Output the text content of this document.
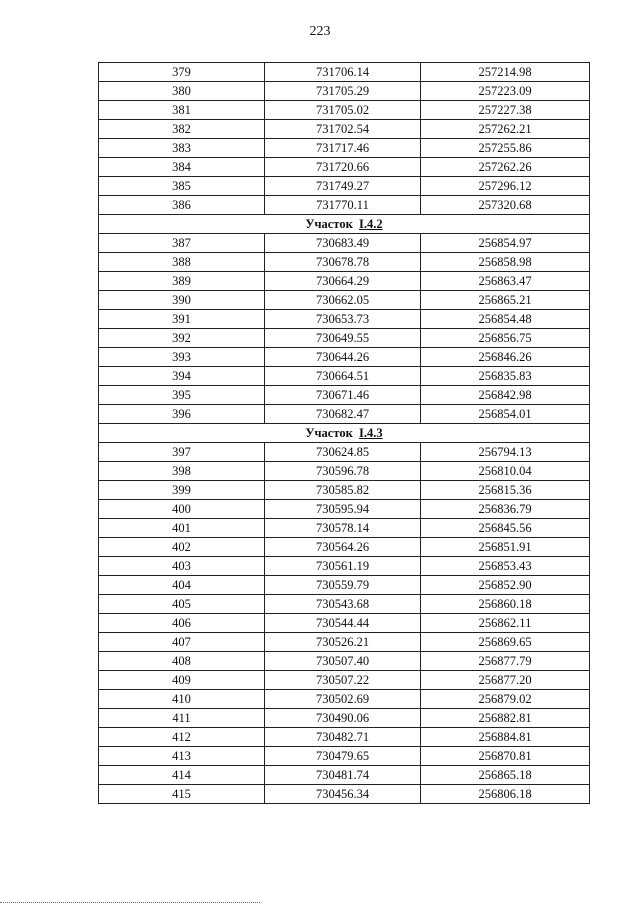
223
379	731706.14	257214.98
380	731705.29	257223.09
381	731705.02	257227.38
382	731702.54	257262.21
383	731717.46	257255.86
384	731720.66	257262.26
385	731749.27	257296.12
386	731770.11	257320.68
Участок I.4.2		
387	730683.49	256854.97
388	730678.78	256858.98
389	730664.29	256863.47
390	730662.05	256865.21
391	730653.73	256854.48
392	730649.55	256856.75
393	730644.26	256846.26
394	730664.51	256835.83
395	730671.46	256842.98
396	730682.47	256854.01
Участок I.4.3		
397	730624.85	256794.13
398	730596.78	256810.04
399	730585.82	256815.36
400	730595.94	256836.79
401	730578.14	256845.56
402	730564.26	256851.91
403	730561.19	256853.43
404	730559.79	256852.90
405	730543.68	256860.18
406	730544.44	256862.11
407	730526.21	256869.65
408	730507.40	256877.79
409	730507.22	256877.20
410	730502.69	256879.02
411	730490.06	256882.81
412	730482.71	256884.81
413	730479.65	256870.81
414	730481.74	256865.18
415	730456.34	256806.18
